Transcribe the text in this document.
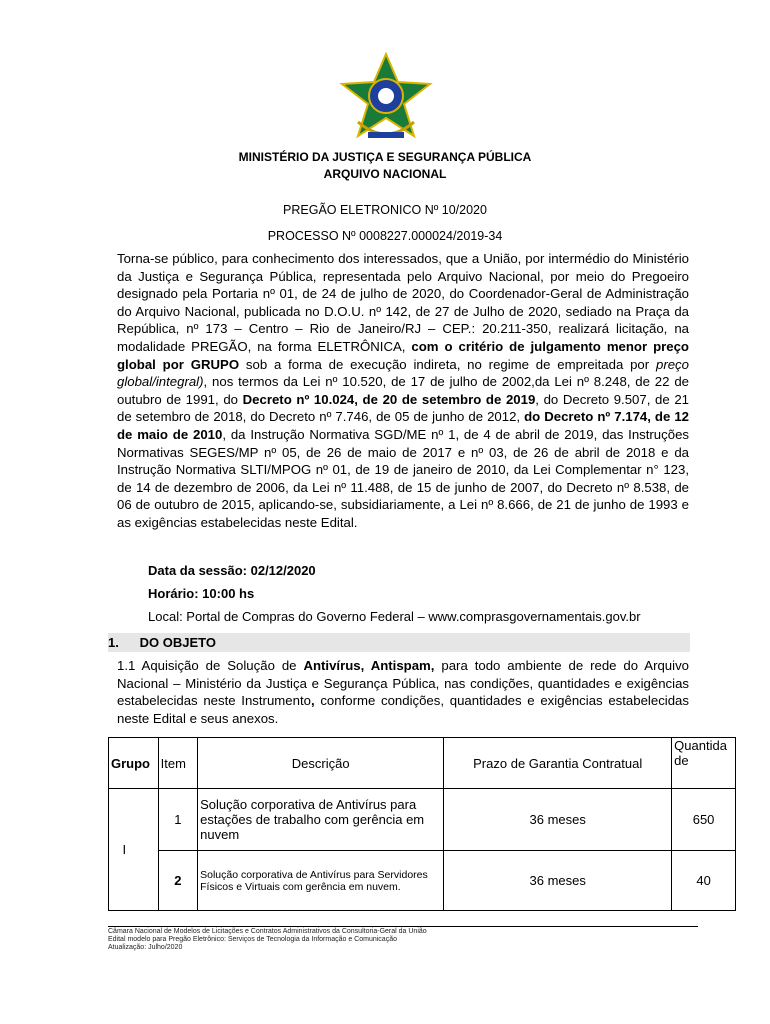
MINISTÉRIO DA JUSTIÇA E SEGURANÇA PÚBLICA
ARQUIVO NACIONAL
PREGÃO ELETRONICO Nº 10/2020
PROCESSO Nº 0008227.000024/2019-34
Torna-se público, para conhecimento dos interessados, que a União, por intermédio do Ministério da Justiça e Segurança Pública, representada pelo Arquivo Nacional, por meio do Pregoeiro designado pela Portaria nº 01, de 24 de julho de 2020, do Coordenador-Geral de Administração do Arquivo Nacional, publicada no D.O.U. nº 142, de 27 de Julho de 2020, sediado na Praça da República, nº 173 – Centro – Rio de Janeiro/RJ – CEP.: 20.211-350, realizará licitação, na modalidade PREGÃO, na forma ELETRÔNICA, com o critério de julgamento menor preço global por GRUPO sob a forma de execução indireta, no regime de empreitada por preço global/integral), nos termos da Lei nº 10.520, de 17 de julho de 2002,da Lei nº 8.248, de 22 de outubro de 1991, do Decreto nº 10.024, de 20 de setembro de 2019, do Decreto 9.507, de 21 de setembro de 2018, do Decreto nº 7.746, de 05 de junho de 2012, do Decreto nº 7.174, de 12 de maio de 2010, da Instrução Normativa SGD/ME nº 1, de 4 de abril de 2019, das Instruções Normativas SEGES/MP nº 05, de 26 de maio de 2017 e nº 03, de 26 de abril de 2018 e da Instrução Normativa SLTI/MPOG nº 01, de 19 de janeiro de 2010, da Lei Complementar n° 123, de 14 de dezembro de 2006, da Lei nº 11.488, de 15 de junho de 2007, do Decreto nº 8.538, de 06 de outubro de 2015, aplicando-se, subsidiariamente, a Lei nº 8.666, de 21 de junho de 1993 e as exigências estabelecidas neste Edital.
Data da sessão: 02/12/2020
Horário: 10:00 hs
Local: Portal de Compras do Governo Federal – www.comprasgovernamentais.gov.br
1. DO OBJETO
1.1 Aquisição de Solução de Antivírus, Antispam, para todo ambiente de rede do Arquivo Nacional – Ministério da Justiça e Segurança Pública, nas condições, quantidades e exigências estabelecidas neste Instrumento, conforme condições, quantidades e exigências estabelecidas neste Edital e seus anexos.
Grupo	Item	Descrição	Prazo de Garantia Contratual	Quantida de
I	1	Solução corporativa de Antivírus para estações de trabalho com gerência em nuvem	36 meses	650
	2	Solução corporativa de Antivírus para Servidores Físicos e Virtuais com gerência em nuvem.	36 meses	40
Câmara Nacional de Modelos de Licitações e Contratos Administrativos da Consultoria-Geral da União
Edital modelo para Pregão Eletrônico: Serviços de Tecnologia da Informação e Comunicação
Atualização: Julho/2020
